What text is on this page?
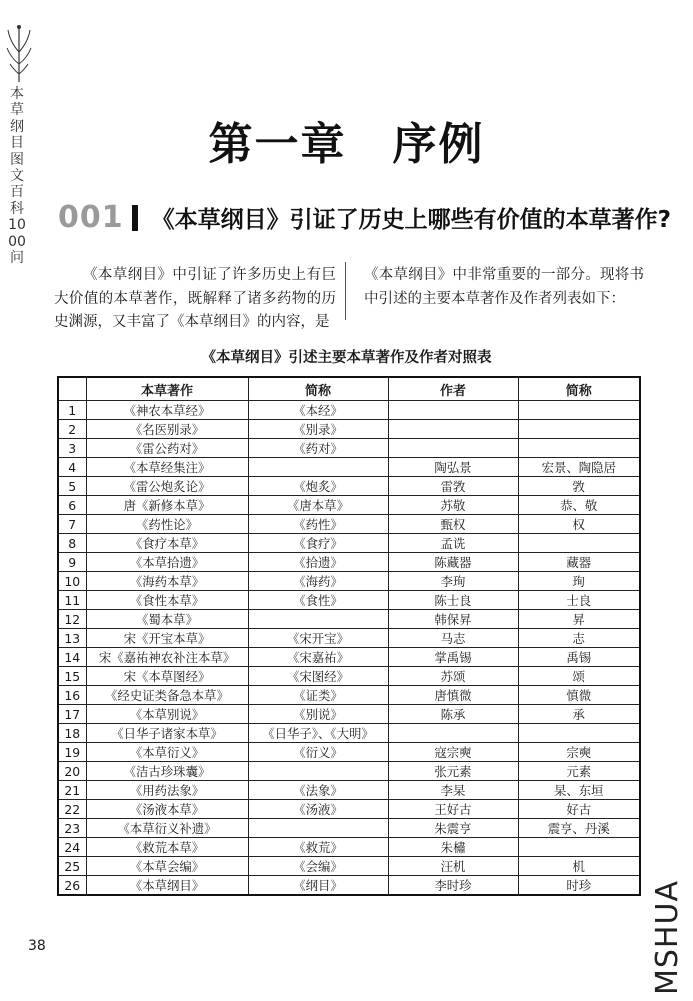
本草纲目图文百科1000问
第一章　序例
001 《本草纲目》引证了历史上哪些有价值的本草著作?
《本草纲目》中引证了许多历史上有巨大价值的本草著作，既解释了诸多药物的历史渊源，又丰富了《本草纲目》的内容，是
《本草纲目》中非常重要的一部分。现将书中引述的主要本草著作及作者列表如下：
《本草纲目》引述主要本草著作及作者对照表
	本草著作	简称	作者	简称
1	《神农本草经》	《本经》		
2	《名医别录》	《别录》		
3	《雷公药对》	《药对》		
4	《本草经集注》		陶弘景	宏景、陶隐居
5	《雷公炮炙论》	《炮炙》	雷敩	敩
6	唐《新修本草》	《唐本草》	苏敬	恭、敬
7	《药性论》	《药性》	甄权	权
8	《食疗本草》	《食疗》	孟诜	
9	《本草拾遗》	《拾遗》	陈藏器	藏器
10	《海药本草》	《海药》	李珣	珣
11	《食性本草》	《食性》	陈士良	士良
12	《蜀本草》		韩保昇	昇
13	宋《开宝本草》	《宋开宝》	马志	志
14	宋《嘉祐神农补注本草》	《宋嘉祐》	掌禹锡	禹锡
15	宋《本草图经》	《宋图经》	苏颂	颂
16	《经史证类备急本草》	《证类》	唐慎微	慎微
17	《本草别说》	《别说》	陈承	承
18	《日华子诸家本草》	《日华子》、《大明》		
19	《本草衍义》	《衍义》	寇宗奭	宗奭
20	《洁古珍珠囊》		张元素	元素
21	《用药法象》	《法象》	李杲	杲、东垣
22	《汤液本草》	《汤液》	王好古	好古
23	《本草衍义补遗》		朱震亨	震亨、丹溪
24	《救荒本草》	《救荒》	朱橚	
25	《本草会编》	《会编》	汪机	机
26	《本草纲目》	《纲目》	李时珍	时珍
38	MSHUA
